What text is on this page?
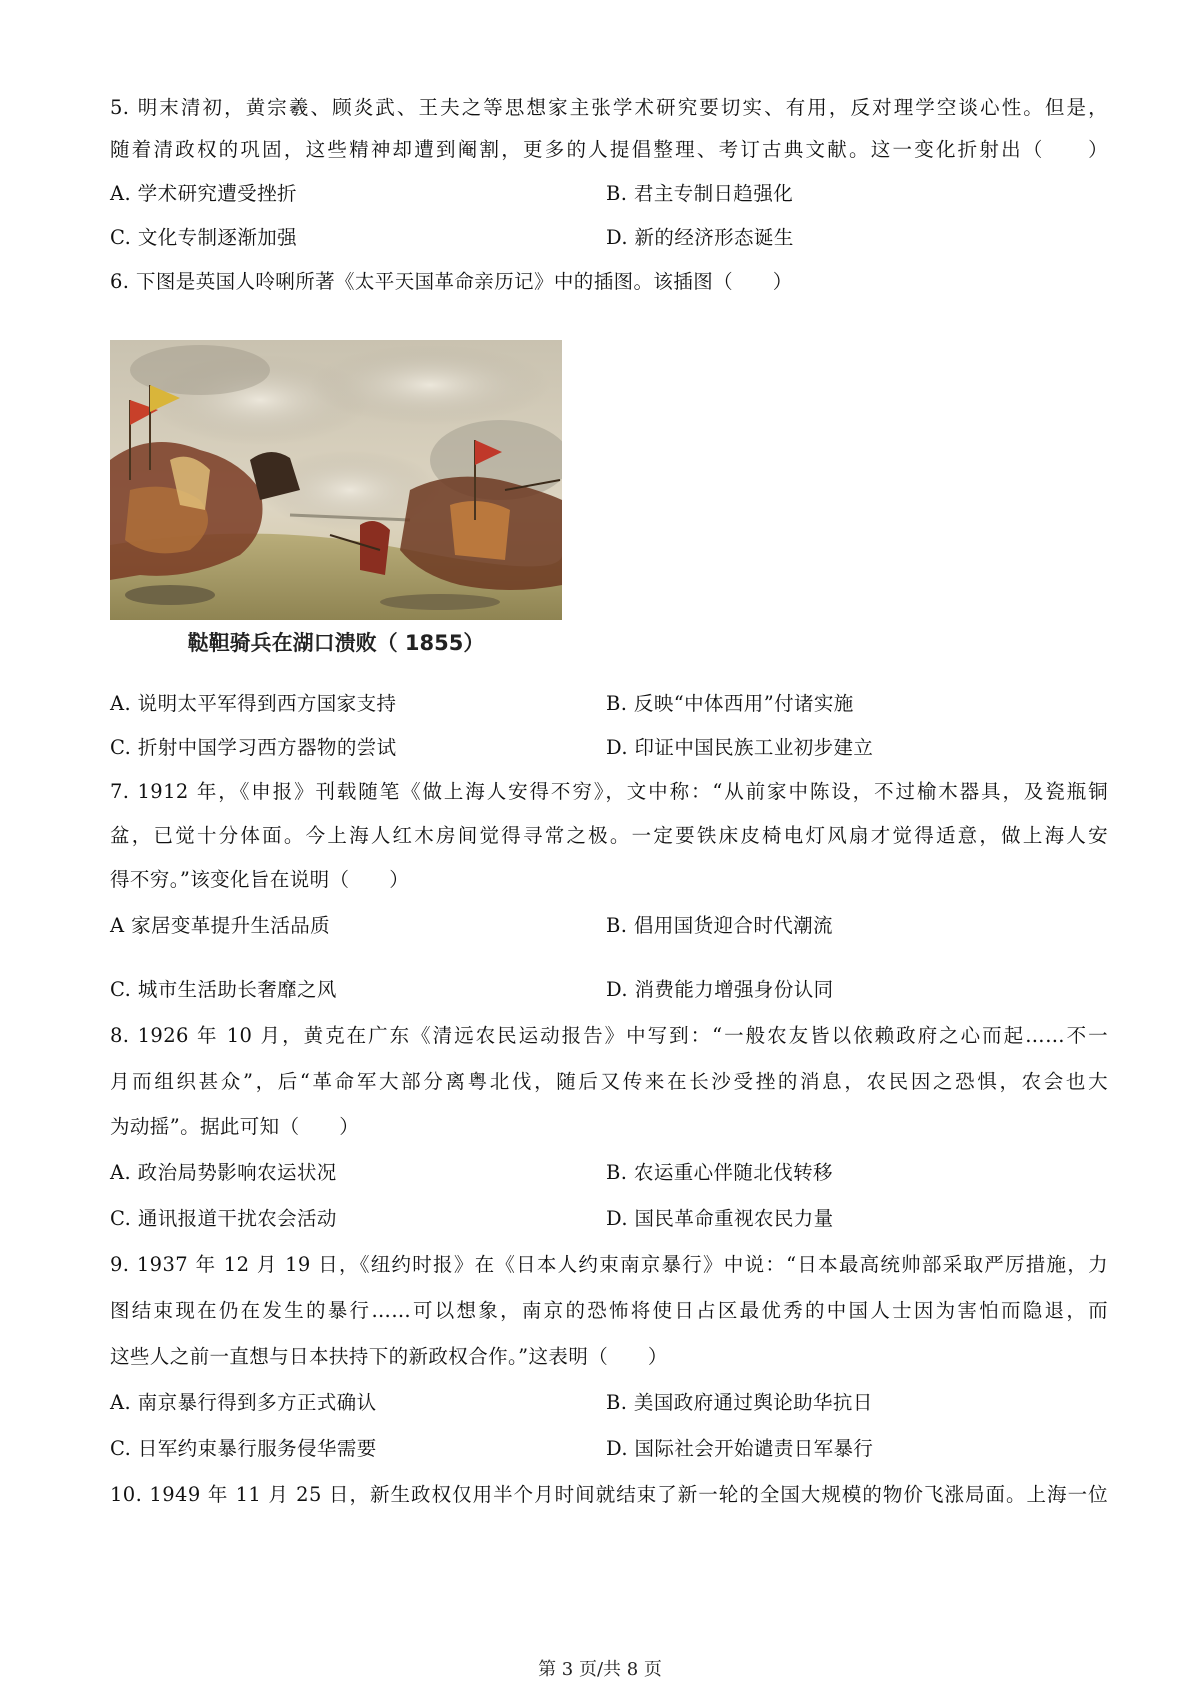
5. 明末清初，黄宗羲、顾炎武、王夫之等思想家主张学术研究要切实、有用，反对理学空谈心性。但是，
随着清政权的巩固，这些精神却遭到阉割，更多的人提倡整理、考订古典文献。这一变化折射出（　　）
A. 学术研究遭受挫折	B. 君主专制日趋强化
C. 文化专制逐渐加强	D. 新的经济形态诞生
6. 下图是英国人呤唎所著《太平天国革命亲历记》中的插图。该插图（　　）
鞑靼骑兵在湖口溃败（ 1855）
A. 说明太平军得到西方国家支持	B. 反映“中体西用”付诸实施
C. 折射中国学习西方器物的尝试	D. 印证中国民族工业初步建立
7. 1912 年，《申报》刊载随笔《做上海人安得不穷》，文中称：“从前家中陈设，不过榆木器具，及瓷瓶铜
盆，已觉十分体面。今上海人红木房间觉得寻常之极。一定要铁床皮椅电灯风扇才觉得适意，做上海人安
得不穷。”该变化旨在说明（　　）
A 家居变革提升生活品质	B. 倡用国货迎合时代潮流
C. 城市生活助长奢靡之风	D. 消费能力增强身份认同
8. 1926 年 10 月，黄克在广东《清远农民运动报告》中写到：“一般农友皆以依赖政府之心而起……不一
月而组织甚众”，后“革命军大部分离粤北伐，随后又传来在长沙受挫的消息，农民因之恐惧，农会也大
为动摇”。据此可知（　　）
A. 政治局势影响农运状况	B. 农运重心伴随北伐转移
C. 通讯报道干扰农会活动	D. 国民革命重视农民力量
9. 1937 年 12 月 19 日，《纽约时报》在《日本人约束南京暴行》中说：“日本最高统帅部采取严厉措施，力
图结束现在仍在发生的暴行……可以想象，南京的恐怖将使日占区最优秀的中国人士因为害怕而隐退，而
这些人之前一直想与日本扶持下的新政权合作。”这表明（　　）
A. 南京暴行得到多方正式确认	B. 美国政府通过舆论助华抗日
C. 日军约束暴行服务侵华需要	D. 国际社会开始谴责日军暴行
10. 1949 年 11 月 25 日，新生政权仅用半个月时间就结束了新一轮的全国大规模的物价飞涨局面。上海一位
第 3 页/共 8 页
